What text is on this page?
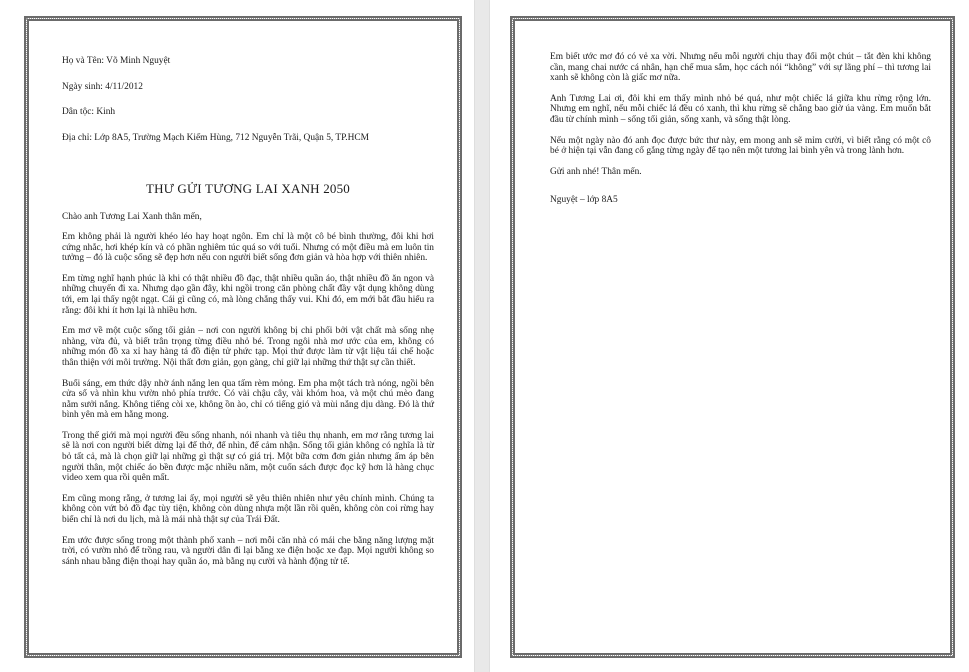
Họ và Tên: Võ Minh Nguyệt

Ngày sinh: 4/11/2012

Dân tộc: Kinh

Địa chỉ: Lớp 8A5, Trường Mạch Kiếm Hùng, 712 Nguyễn Trãi, Quận 5, TP.HCM

THƯ GỬI TƯƠNG LAI XANH 2050

Chào anh Tương Lai Xanh thân mến,

Em không phải là người khéo léo hay hoạt ngôn. Em chỉ là một cô bé bình thường, đôi khi hơi cứng nhắc, hơi khép kín và có phần nghiêm túc quá so với tuổi. Nhưng có một điều mà em luôn tin tưởng – đó là cuộc sống sẽ đẹp hơn nếu con người biết sống đơn giản và hòa hợp với thiên nhiên.

Em từng nghĩ hạnh phúc là khi có thật nhiều đồ đạc, thật nhiều quần áo, thật nhiều đồ ăn ngon và những chuyến đi xa. Nhưng dạo gần đây, khi ngồi trong căn phòng chất đầy vật dụng không dùng tới, em lại thấy ngột ngạt. Cái gì cũng có, mà lòng chẳng thấy vui. Khi đó, em mới bắt đầu hiểu ra rằng: đôi khi ít hơn lại là nhiều hơn.

Em mơ về một cuộc sống tối giản – nơi con người không bị chi phối bởi vật chất mà sống nhẹ nhàng, vừa đủ, và biết trân trọng từng điều nhỏ bé. Trong ngôi nhà mơ ước của em, không có những món đồ xa xỉ hay hàng tá đồ điện tử phức tạp. Mọi thứ được làm từ vật liệu tái chế hoặc thân thiện với môi trường. Nội thất đơn giản, gọn gàng, chỉ giữ lại những thứ thật sự cần thiết.

Buổi sáng, em thức dậy nhờ ánh nắng len qua tấm rèm mỏng. Em pha một tách trà nóng, ngồi bên cửa sổ và nhìn khu vườn nhỏ phía trước. Có vài chậu cây, vài khóm hoa, và một chú mèo đang nằm sưởi nắng. Không tiếng còi xe, không ồn ào, chỉ có tiếng gió và mùi nắng dịu dàng. Đó là thứ bình yên mà em hằng mong.

Trong thế giới mà mọi người đều sống nhanh, nói nhanh và tiêu thụ nhanh, em mơ rằng tương lai sẽ là nơi con người biết dừng lại để thở, để nhìn, để cảm nhận. Sống tối giản không có nghĩa là từ bỏ tất cả, mà là chọn giữ lại những gì thật sự có giá trị. Một bữa cơm đơn giản nhưng ấm áp bên người thân, một chiếc áo bền được mặc nhiều năm, một cuốn sách được đọc kỹ hơn là hàng chục video xem qua rồi quên mất.

Em cũng mong rằng, ở tương lai ấy, mọi người sẽ yêu thiên nhiên như yêu chính mình. Chúng ta không còn vứt bỏ đồ đạc tùy tiện, không còn dùng nhựa một lần rồi quên, không còn coi rừng hay biển chỉ là nơi du lịch, mà là mái nhà thật sự của Trái Đất.

Em ước được sống trong một thành phố xanh – nơi mỗi căn nhà có mái che bằng năng lượng mặt trời, có vườn nhỏ để trồng rau, và người dân đi lại bằng xe điện hoặc xe đạp. Mọi người không so sánh nhau bằng điện thoại hay quần áo, mà bằng nụ cười và hành động tử tế.

Em biết ước mơ đó có vẻ xa vời. Nhưng nếu mỗi người chịu thay đổi một chút – tắt đèn khi không cần, mang chai nước cá nhân, hạn chế mua sắm, học cách nói “không” với sự lãng phí – thì tương lai xanh sẽ không còn là giấc mơ nữa.

Anh Tương Lai ơi, đôi khi em thấy mình nhỏ bé quá, như một chiếc lá giữa khu rừng rộng lớn. Nhưng em nghĩ, nếu mỗi chiếc lá đều có xanh, thì khu rừng sẽ chẳng bao giờ úa vàng. Em muốn bắt đầu từ chính mình – sống tối giản, sống xanh, và sống thật lòng.

Nếu một ngày nào đó anh đọc được bức thư này, em mong anh sẽ mỉm cười, vì biết rằng có một cô bé ở hiện tại vẫn đang cố gắng từng ngày để tạo nên một tương lai bình yên và trong lành hơn.

Gửi anh nhé! Thân mến.

Nguyệt – lớp 8A5
